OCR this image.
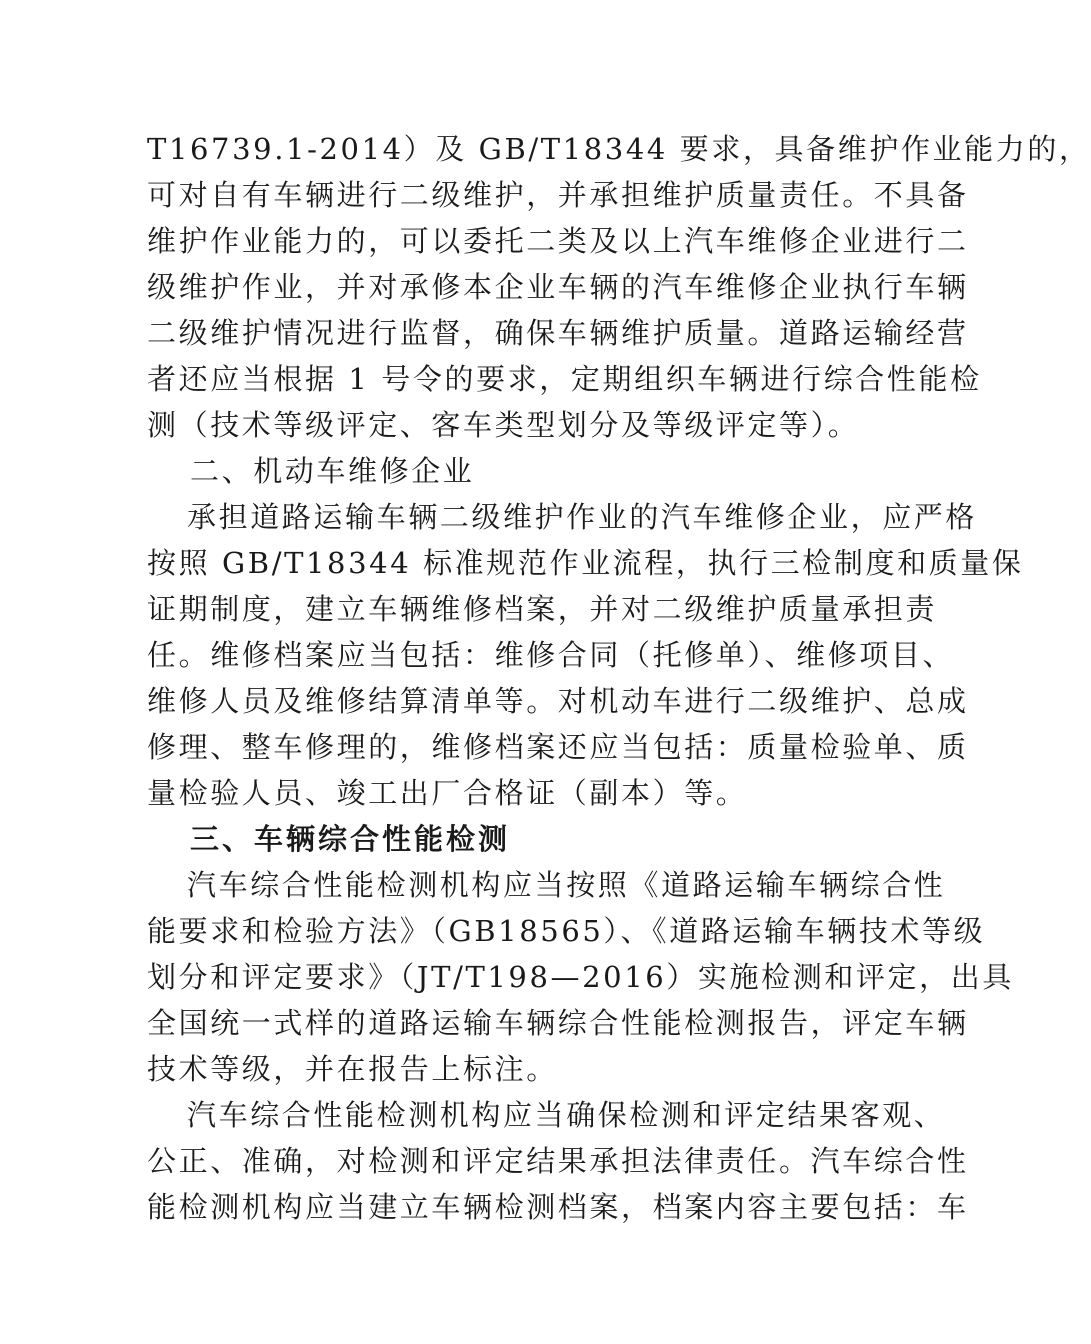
T16739.1-2014）及 GB/T18344 要求，具备维护作业能力的，
可对自有车辆进行二级维护，并承担维护质量责任。不具备
维护作业能力的，可以委托二类及以上汽车维修企业进行二
级维护作业，并对承修本企业车辆的汽车维修企业执行车辆
二级维护情况进行监督，确保车辆维护质量。道路运输经营
者还应当根据 1 号令的要求，定期组织车辆进行综合性能检
测（技术等级评定、客车类型划分及等级评定等）。
二、机动车维修企业
承担道路运输车辆二级维护作业的汽车维修企业，应严格
按照 GB/T18344 标准规范作业流程，执行三检制度和质量保
证期制度，建立车辆维修档案，并对二级维护质量承担责
任。维修档案应当包括：维修合同（托修单）、维修项目、
维修人员及维修结算清单等。对机动车进行二级维护、总成
修理、整车修理的，维修档案还应当包括：质量检验单、质
量检验人员、竣工出厂合格证（副本）等。
三、车辆综合性能检测
汽车综合性能检测机构应当按照《道路运输车辆综合性
能要求和检验方法》（GB18565）、《道路运输车辆技术等级
划分和评定要求》（JT/T198—2016）实施检测和评定，出具
全国统一式样的道路运输车辆综合性能检测报告，评定车辆
技术等级，并在报告上标注。
汽车综合性能检测机构应当确保检测和评定结果客观、
公正、准确，对检测和评定结果承担法律责任。汽车综合性
能检测机构应当建立车辆检测档案，档案内容主要包括：车
